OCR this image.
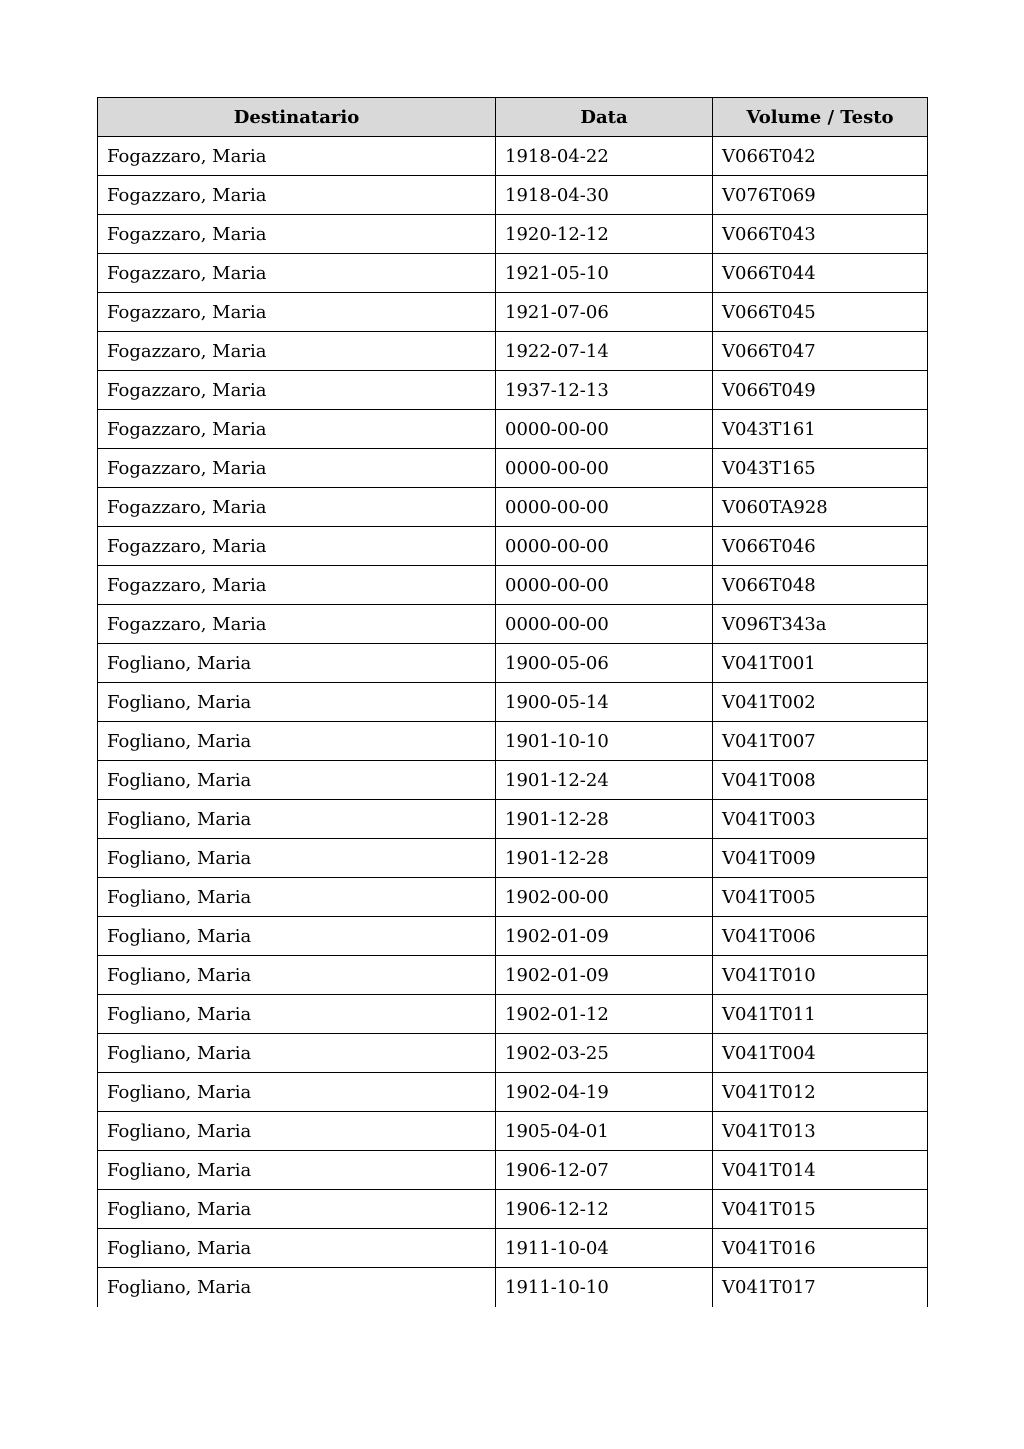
Destinatario	Data	Volume / Testo
Fogazzaro, Maria	1918-04-22	V066T042
Fogazzaro, Maria	1918-04-30	V076T069
Fogazzaro, Maria	1920-12-12	V066T043
Fogazzaro, Maria	1921-05-10	V066T044
Fogazzaro, Maria	1921-07-06	V066T045
Fogazzaro, Maria	1922-07-14	V066T047
Fogazzaro, Maria	1937-12-13	V066T049
Fogazzaro, Maria	0000-00-00	V043T161
Fogazzaro, Maria	0000-00-00	V043T165
Fogazzaro, Maria	0000-00-00	V060TA928
Fogazzaro, Maria	0000-00-00	V066T046
Fogazzaro, Maria	0000-00-00	V066T048
Fogazzaro, Maria	0000-00-00	V096T343a
Fogliano, Maria	1900-05-06	V041T001
Fogliano, Maria	1900-05-14	V041T002
Fogliano, Maria	1901-10-10	V041T007
Fogliano, Maria	1901-12-24	V041T008
Fogliano, Maria	1901-12-28	V041T003
Fogliano, Maria	1901-12-28	V041T009
Fogliano, Maria	1902-00-00	V041T005
Fogliano, Maria	1902-01-09	V041T006
Fogliano, Maria	1902-01-09	V041T010
Fogliano, Maria	1902-01-12	V041T011
Fogliano, Maria	1902-03-25	V041T004
Fogliano, Maria	1902-04-19	V041T012
Fogliano, Maria	1905-04-01	V041T013
Fogliano, Maria	1906-12-07	V041T014
Fogliano, Maria	1906-12-12	V041T015
Fogliano, Maria	1911-10-04	V041T016
Fogliano, Maria	1911-10-10	V041T017
